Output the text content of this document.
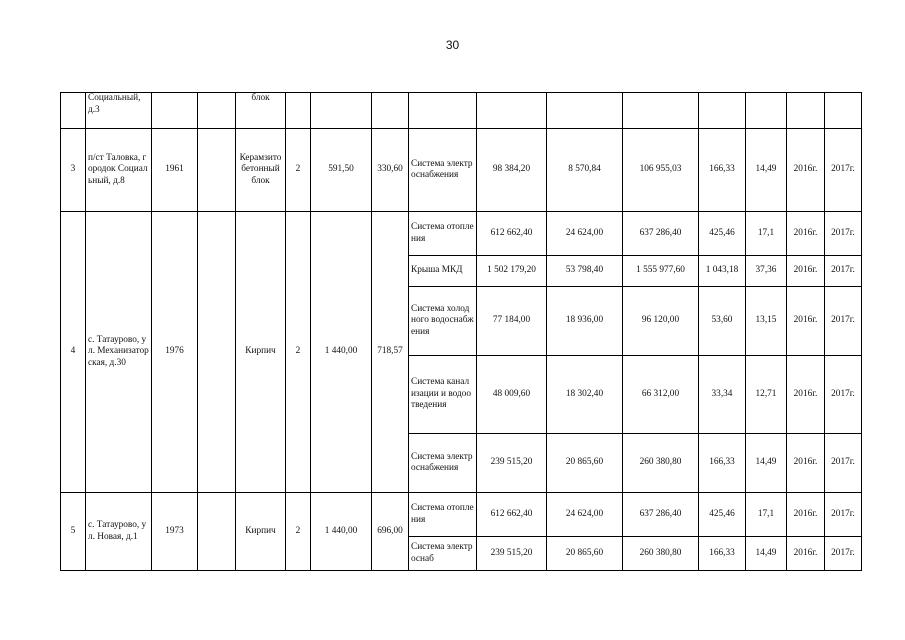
30
	Социальный, д.3			блок											
3	п/ст Таловка, городок Социальный, д.8	1961		Керамзитобетонный блок	2	591,50	330,60	Система электроснабжения	98 384,20	8 570,84	106 955,03	166,33	14,49	2016г.	2017г.
4	с. Татаурово, ул. Механизаторская, д.30	1976		Кирпич	2	1 440,00	718,57	Система отопления	612 662,40	24 624,00	637 286,40	425,46	17,1	2016г.	2017г.
								Крыша МКД	1 502 179,20	53 798,40	1 555 977,60	1 043,18	37,36	2016г.	2017г.
								Система холодного водоснабжения	77 184,00	18 936,00	96 120,00	53,60	13,15	2016г.	2017г.
								Система канализации и водоотведения	48 009,60	18 302,40	66 312,00	33,34	12,71	2016г.	2017г.
								Система электроснабжения	239 515,20	20 865,60	260 380,80	166,33	14,49	2016г.	2017г.
5	с. Татаурово, ул. Новая, д.1	1973		Кирпич	2	1 440,00	696,00	Система отопления	612 662,40	24 624,00	637 286,40	425,46	17,1	2016г.	2017г.
								Система электроснаб	239 515,20	20 865,60	260 380,80	166,33	14,49	2016г.	2017г.
